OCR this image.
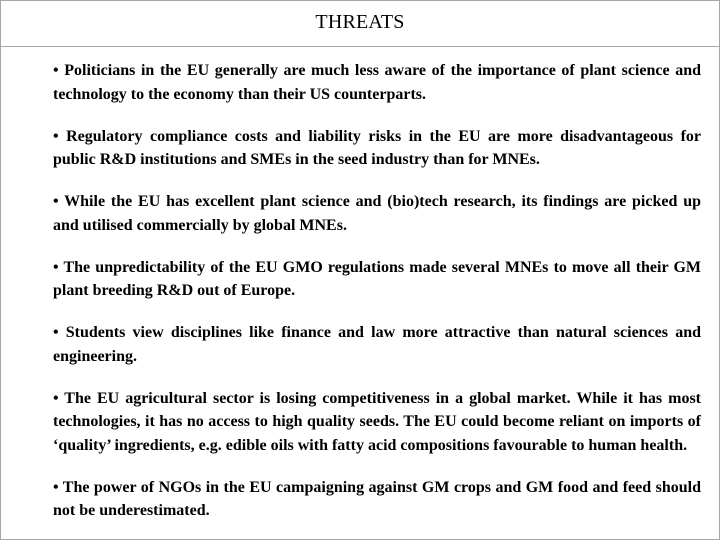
THREATS

• Politicians in the EU generally are much less aware of the importance of plant science and technology to the economy than their US counterparts.

• Regulatory compliance costs and liability risks in the EU are more disadvantageous for public R&D institutions and SMEs in the seed industry than for MNEs.

• While the EU has excellent plant science and (bio)tech research, its findings are picked up and utilised commercially by global MNEs.

• The unpredictability of the EU GMO regulations made several MNEs to move all their GM plant breeding R&D out of Europe.

• Students view disciplines like finance and law more attractive than natural sciences and engineering.

• The EU agricultural sector is losing competitiveness in a global market. While it has most technologies, it has no access to high quality seeds. The EU could become reliant on imports of ‘quality’ ingredients, e.g. edible oils with fatty acid compositions favourable to human health.

• The power of NGOs in the EU campaigning against GM crops and GM food and feed should not be underestimated.
